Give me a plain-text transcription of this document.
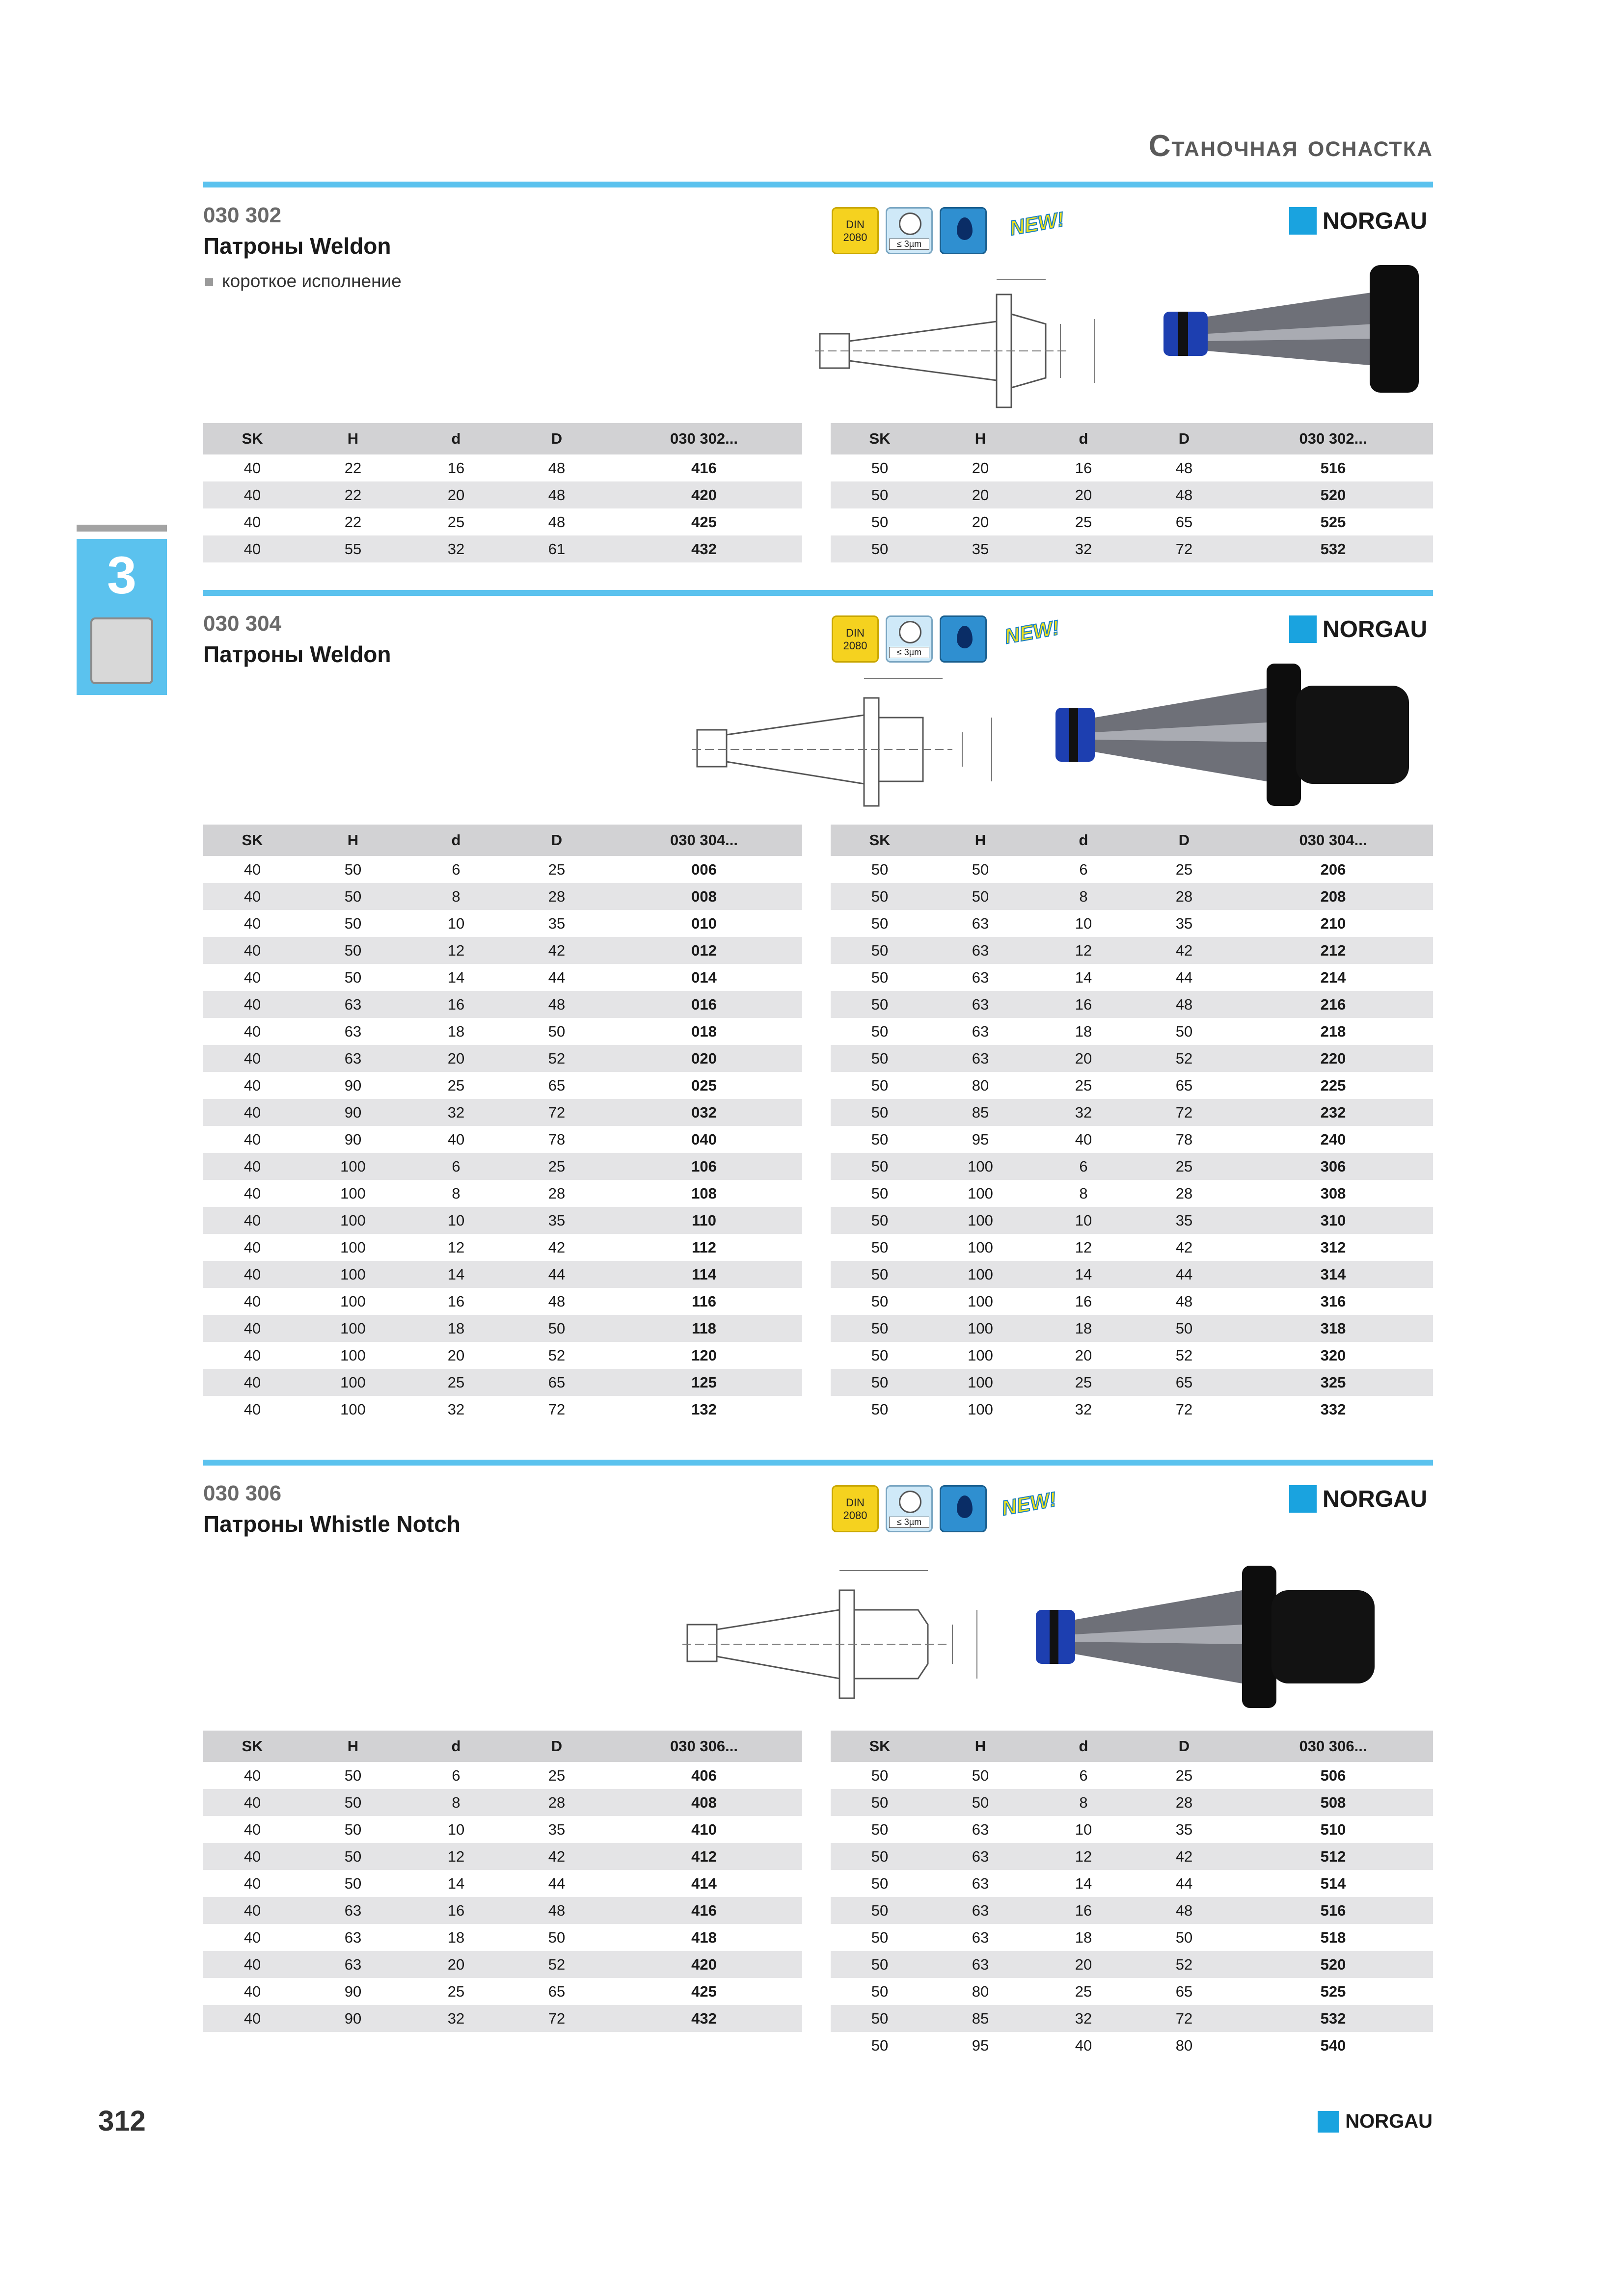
Станочная оснастка
3
030 302
Патроны Weldon
короткое исполнение
DIN
2080
≤ 3µm
NEW!	NORGAU
SK	H	d	D	030 302...
40	22	16	48	416
40	22	20	48	420
40	22	25	48	425
40	55	32	61	432
SK	H	d	D	030 302...
50	20	16	48	516
50	20	20	48	520
50	20	25	65	525
50	35	32	72	532
030 304
Патроны Weldon
DIN
2080
≤ 3µm
NEW!	NORGAU
SK	H	d	D	030 304...
40	50	6	25	006
40	50	8	28	008
40	50	10	35	010
40	50	12	42	012
40	50	14	44	014
40	63	16	48	016
40	63	18	50	018
40	63	20	52	020
40	90	25	65	025
40	90	32	72	032
40	90	40	78	040
40	100	6	25	106
40	100	8	28	108
40	100	10	35	110
40	100	12	42	112
40	100	14	44	114
40	100	16	48	116
40	100	18	50	118
40	100	20	52	120
40	100	25	65	125
40	100	32	72	132
SK	H	d	D	030 304...
50	50	6	25	206
50	50	8	28	208
50	63	10	35	210
50	63	12	42	212
50	63	14	44	214
50	63	16	48	216
50	63	18	50	218
50	63	20	52	220
50	80	25	65	225
50	85	32	72	232
50	95	40	78	240
50	100	6	25	306
50	100	8	28	308
50	100	10	35	310
50	100	12	42	312
50	100	14	44	314
50	100	16	48	316
50	100	18	50	318
50	100	20	52	320
50	100	25	65	325
50	100	32	72	332
030 306
Патроны Whistle Notch
DIN
2080
≤ 3µm
NEW!	NORGAU
SK	H	d	D	030 306...
40	50	6	25	406
40	50	8	28	408
40	50	10	35	410
40	50	12	42	412
40	50	14	44	414
40	63	16	48	416
40	63	18	50	418
40	63	20	52	420
40	90	25	65	425
40	90	32	72	432
SK	H	d	D	030 306...
50	50	6	25	506
50	50	8	28	508
50	63	10	35	510
50	63	12	42	512
50	63	14	44	514
50	63	16	48	516
50	63	18	50	518
50	63	20	52	520
50	80	25	65	525
50	85	32	72	532
50	95	40	80	540
312	NORGAU
